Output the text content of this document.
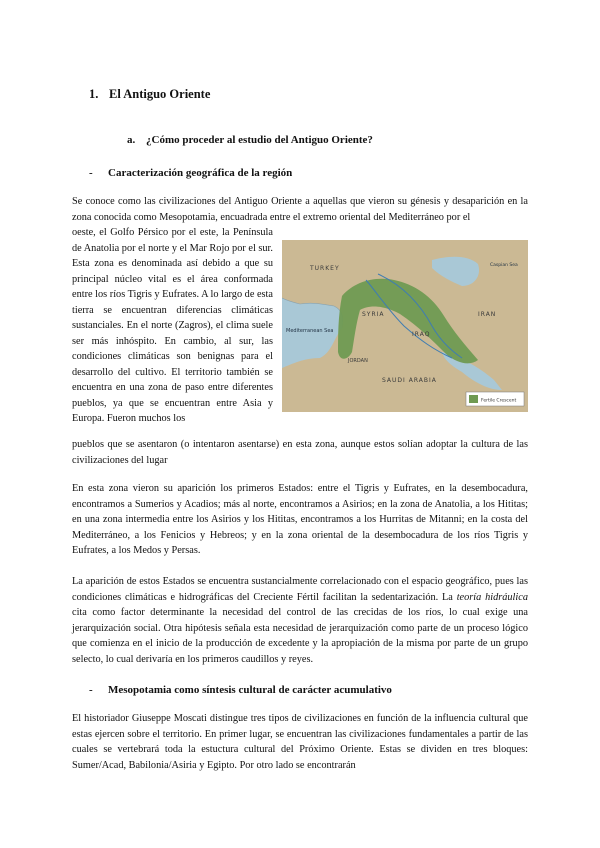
1. El Antiguo Oriente
a. ¿Cómo proceder al estudio del Antiguo Oriente?
- Caracterización geográfica de la región

Se conoce como las civilizaciones del Antiguo Oriente a aquellas que vieron su génesis y desaparición en la zona conocida como Mesopotamia, encuadrada entre el extremo oriental del Mediterráneo por el

oeste, el Golfo Pérsico por el este, la Península de Anatolia por el norte y el Mar Rojo por el sur. Esta zona es denominada así debido a que su principal núcleo vital es el área conformada entre los ríos Tigris y Eufrates. A lo largo de esta tierra se encuentran diferencias climáticas sustanciales. En el norte (Zagros), el clima suele ser más inhóspito. En cambio, al sur, las condiciones climáticas son benignas para el desarrollo del cultivo. El territorio también se encuentra en una zona de paso entre diferentes pueblos, ya que se encuentran entre Asia y Europa. Fueron muchos los

TURKEY
Mediterranean Sea
SYRIA
IRAQ
JORDAN
SAUDI ARABIA
IRAN
Caspian Sea
Fertile Crescent

pueblos que se asentaron (o intentaron asentarse) en esta zona, aunque estos solían adoptar la cultura de las civilizaciones del lugar

En esta zona vieron su aparición los primeros Estados: entre el Tigris y Eufrates, en la desembocadura, encontramos a Sumerios y Acadios; más al norte, encontramos a Asirios; en la zona de Anatolia, a los Hititas; en una zona intermedia entre los Asirios y los Hititas, encontramos a los Hurritas de Mitanni; en la costa del Mediterráneo, a los Fenicios y Hebreos; y en la zona oriental de la desembocadura de los ríos Tigris y Eufrates, a los Medos y Persas.

La aparición de estos Estados se encuentra sustancialmente correlacionado con el espacio geográfico, pues las condiciones climáticas e hidrográficas del Creciente Fértil facilitan la sedentarización. La teoría hidráulica cita como factor determinante la necesidad del control de las crecidas de los ríos, lo cual exige una jerarquización social. Otra hipótesis señala esta necesidad de jerarquización como parte de un proceso lógico que comienza en el inicio de la producción de excedente y la apropiación de la misma por parte de un grupo selecto, lo cual derivaría en los primeros caudillos y reyes.

- Mesopotamia como síntesis cultural de carácter acumulativo

El historiador Giuseppe Moscati distingue tres tipos de civilizaciones en función de la influencia cultural que estas ejercen sobre el territorio. En primer lugar, se encuentran las civilizaciones fundamentales a partir de las cuales se vertebrará toda la estuctura cultural del Próximo Oriente. Estas se dividen en tres bloques: Sumer/Acad, Babilonia/Asiria y Egipto. Por otro lado se encontrarán
